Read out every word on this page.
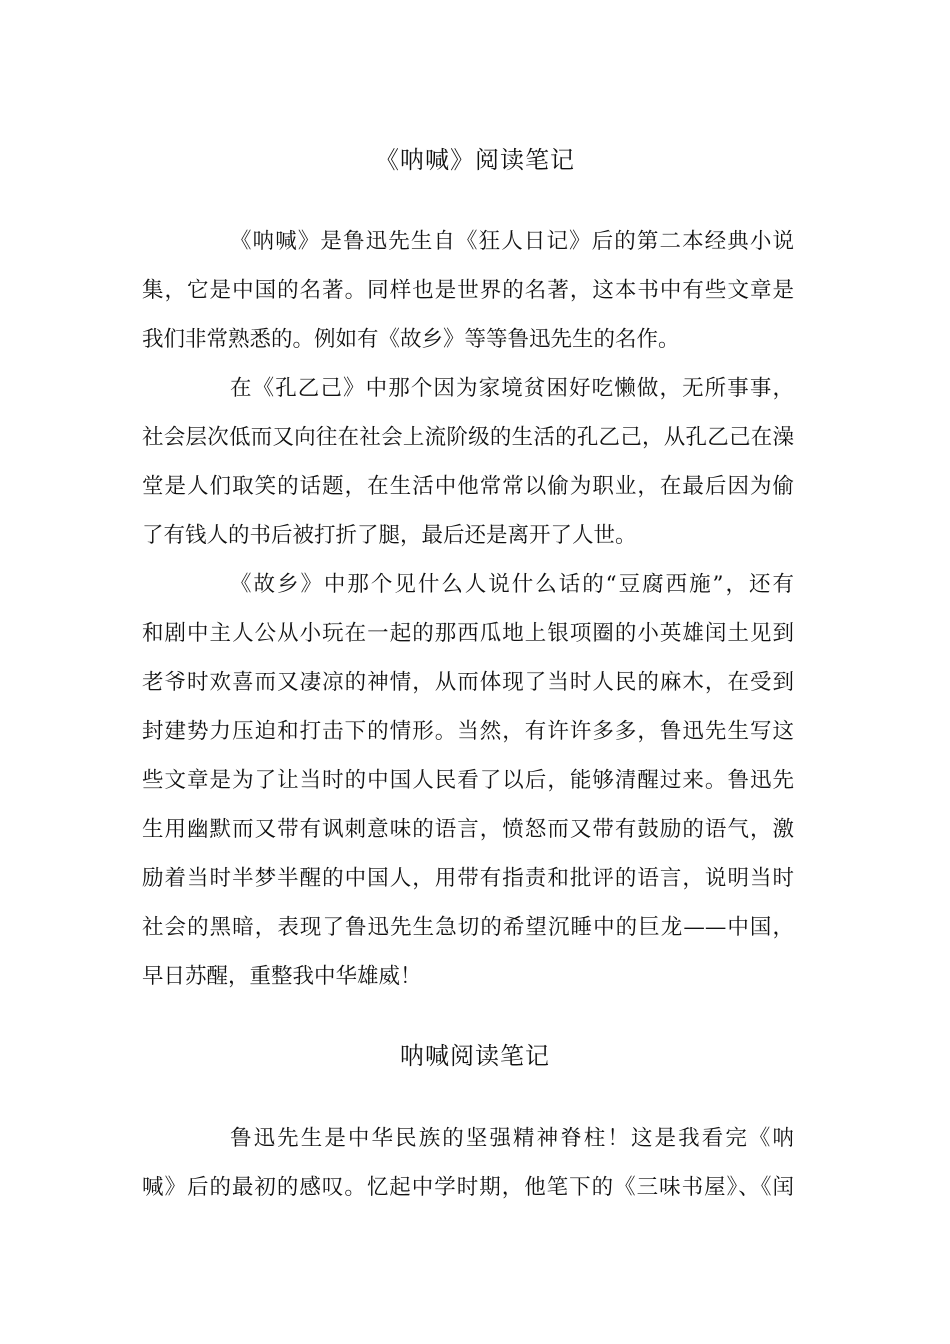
《呐喊》阅读笔记
《呐喊》是鲁迅先生自《狂人日记》后的第二本经典小说
集，它是中国的名著。同样也是世界的名著，这本书中有些文章是
我们非常熟悉的。例如有《故乡》等等鲁迅先生的名作。
在《孔乙己》中那个因为家境贫困好吃懒做，无所事事，
社会层次低而又向往在社会上流阶级的生活的孔乙己，从孔乙己在澡
堂是人们取笑的话题，在生活中他常常以偷为职业，在最后因为偷
了有钱人的书后被打折了腿，最后还是离开了人世。
《故乡》中那个见什么人说什么话的“豆腐西施”，还有
和剧中主人公从小玩在一起的那西瓜地上银项圈的小英雄闰土见到
老爷时欢喜而又凄凉的神情，从而体现了当时人民的麻木，在受到
封建势力压迫和打击下的情形。当然，有许许多多，鲁迅先生写这
些文章是为了让当时的中国人民看了以后，能够清醒过来。鲁迅先
生用幽默而又带有讽刺意味的语言，愤怒而又带有鼓励的语气，激
励着当时半梦半醒的中国人，用带有指责和批评的语言，说明当时
社会的黑暗，表现了鲁迅先生急切的希望沉睡中的巨龙——中国，
早日苏醒，重整我中华雄威！
呐喊阅读笔记
鲁迅先生是中华民族的坚强精神脊柱！这是我看完《呐
喊》后的最初的感叹。忆起中学时期，他笔下的《三味书屋》、《闰
